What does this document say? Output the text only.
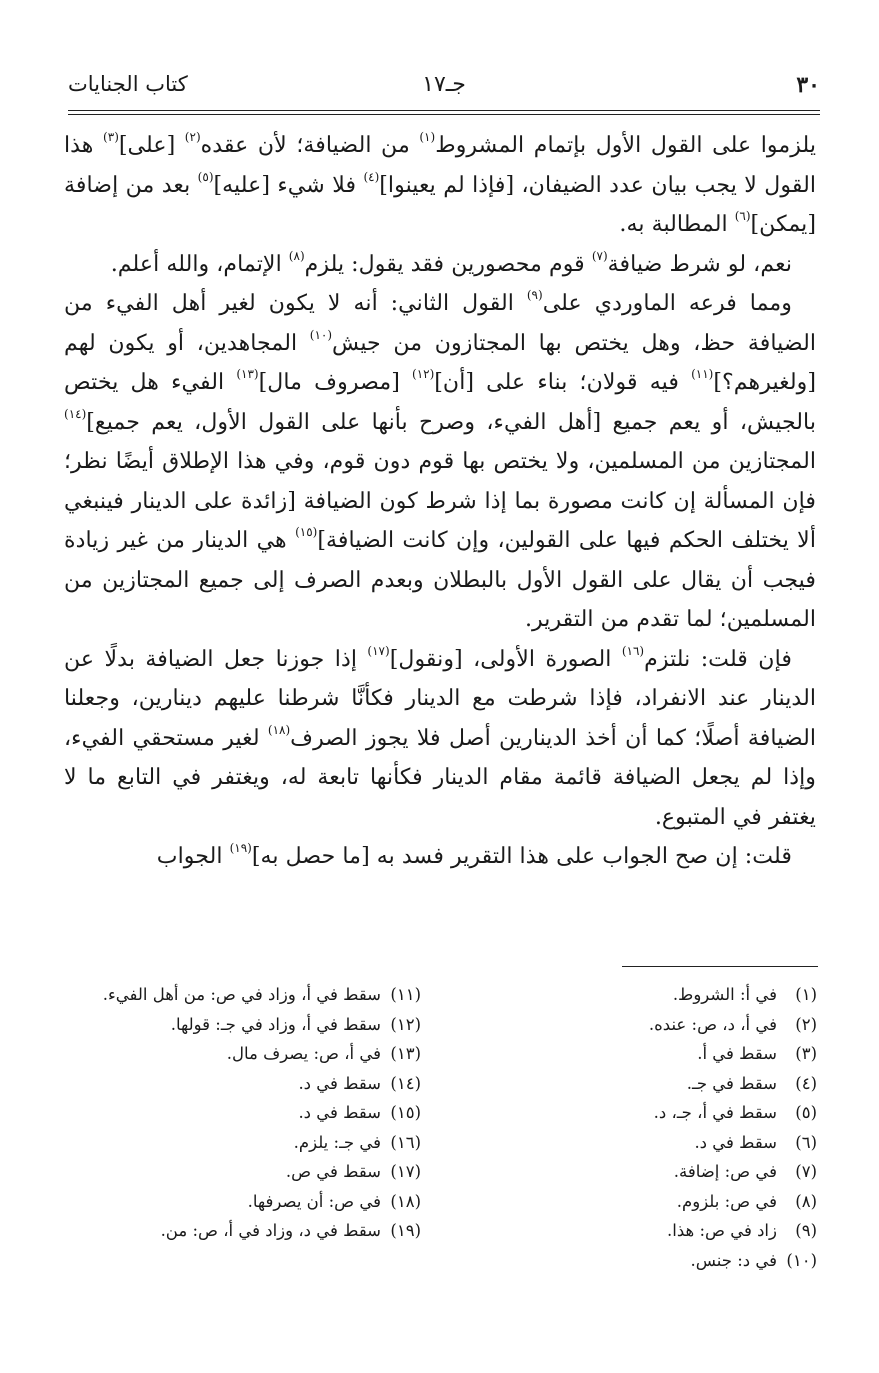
٣٠
جـ١٧
كتاب الجنايات

يلزموا على القول الأول بإتمام المشروط$^{(١)}$ من الضيافة؛ لأن عقده$^{(٢)}$ [على]$^{(٣)}$ هذا القول لا يجب بيان عدد الضيفان، [فإذا لم يعينوا]$^{(٤)}$ فلا شيء [عليه]$^{(٥)}$ بعد من إضافة [يمكن]$^{(٦)}$ المطالبة به.

نعم، لو شرط ضيافة$^{(٧)}$ قوم محصورين فقد يقول: يلزم$^{(٨)}$ الإتمام، والله أعلم.

ومما فرعه الماوردي على$^{(٩)}$ القول الثاني: أنه لا يكون لغير أهل الفيء من الضيافة حظ، وهل يختص بها المجتازون من جيش$^{(١٠)}$ المجاهدين، أو يكون لهم [ولغيرهم؟]$^{(١١)}$ فيه قولان؛ بناء على [أن]$^{(١٢)}$ [مصروف مال]$^{(١٣)}$ الفيء هل يختص بالجيش، أو يعم جميع [أهل الفيء، وصرح بأنها على القول الأول، يعم جميع]$^{(١٤)}$ المجتازين من المسلمين، ولا يختص بها قوم دون قوم، وفي هذا الإطلاق أيضًا نظر؛ فإن المسألة إن كانت مصورة بما إذا شرط كون الضيافة [زائدة على الدينار فينبغي ألا يختلف الحكم فيها على القولين، وإن كانت الضيافة]$^{(١٥)}$ هي الدينار من غير زيادة فيجب أن يقال على القول الأول بالبطلان وبعدم الصرف إلى جميع المجتازين من المسلمين؛ لما تقدم من التقرير.

فإن قلت: نلتزم$^{(١٦)}$ الصورة الأولى، [ونقول]$^{(١٧)}$ إذا جوزنا جعل الضيافة بدلًا عن الدينار عند الانفراد، فإذا شرطت مع الدينار فكأنَّا شرطنا عليهم دينارين، وجعلنا الضيافة أصلًا؛ كما أن أخذ الدينارين أصل فلا يجوز الصرف$^{(١٨)}$ لغير مستحقي الفيء، وإذا لم يجعل الضيافة قائمة مقام الدينار فكأنها تابعة له، ويغتفر في التابع ما لا يغتفر في المتبوع.

قلت: إن صح الجواب على هذا التقرير فسد به [ما حصل به]$^{(١٩)}$ الجواب

(١)في أ: الشروط.
(٢)في أ، د، ص: عنده.
(٣)سقط في أ.
(٤)سقط في جـ.
(٥)سقط في أ، جـ، د.
(٦)سقط في د.
(٧)في ص: إضافة.
(٨)في ص: بلزوم.
(٩)زاد في ص: هذا.
(١٠)في د: جنس.
(١١)سقط في أ، وزاد في ص: من أهل الفيء.
(١٢)سقط في أ، وزاد في جـ: قولها.
(١٣)في أ، ص: يصرف مال.
(١٤)سقط في د.
(١٥)سقط في د.
(١٦)في جـ: يلزم.
(١٧)سقط في ص.
(١٨)في ص: أن يصرفها.
(١٩)سقط في د، وزاد في أ، ص: من.
